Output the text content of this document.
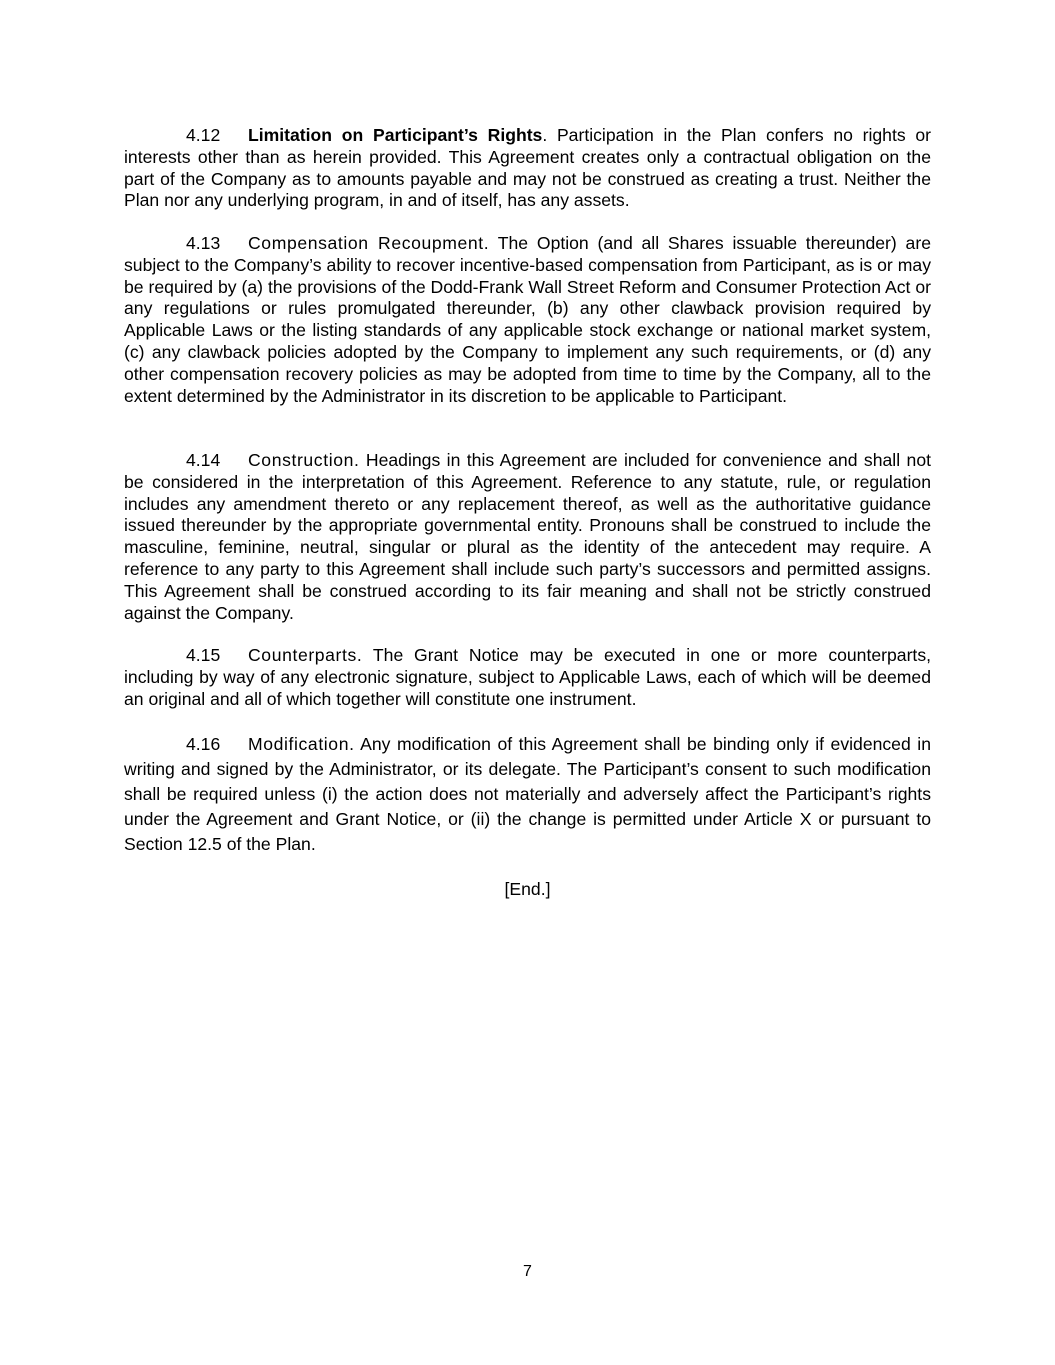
4.12 Limitation on Participant’s Rights. Participation in the Plan confers no rights or interests other than as herein provided. This Agreement creates only a contractual obligation on the part of the Company as to amounts payable and may not be construed as creating a trust. Neither the Plan nor any underlying program, in and of itself, has any assets.

4.13 Compensation Recoupment. The Option (and all Shares issuable thereunder) are subject to the Company’s ability to recover incentive-based compensation from Participant, as is or may be required by (a) the provisions of the Dodd-Frank Wall Street Reform and Consumer Protection Act or any regulations or rules promulgated thereunder, (b) any other clawback provision required by Applicable Laws or the listing standards of any applicable stock exchange or national market system, (c) any clawback policies adopted by the Company to implement any such requirements, or (d) any other compensation recovery policies as may be adopted from time to time by the Company, all to the extent determined by the Administrator in its discretion to be applicable to Participant.

4.14 Construction. Headings in this Agreement are included for convenience and shall not be considered in the interpretation of this Agreement. Reference to any statute, rule, or regulation includes any amendment thereto or any replacement thereof, as well as the authoritative guidance issued thereunder by the appropriate governmental entity. Pronouns shall be construed to include the masculine, feminine, neutral, singular or plural as the identity of the antecedent may require. A reference to any party to this Agreement shall include such party’s successors and permitted assigns. This Agreement shall be construed according to its fair meaning and shall not be strictly construed against the Company.

4.15 Counterparts. The Grant Notice may be executed in one or more counterparts, including by way of any electronic signature, subject to Applicable Laws, each of which will be deemed an original and all of which together will constitute one instrument.

4.16 Modification. Any modification of this Agreement shall be binding only if evidenced in writing and signed by the Administrator, or its delegate. The Participant’s consent to such modification shall be required unless (i) the action does not materially and adversely affect the Participant’s rights under the Agreement and Grant Notice, or (ii) the change is permitted under Article X or pursuant to Section 12.5 of the Plan.

[End.]
7
